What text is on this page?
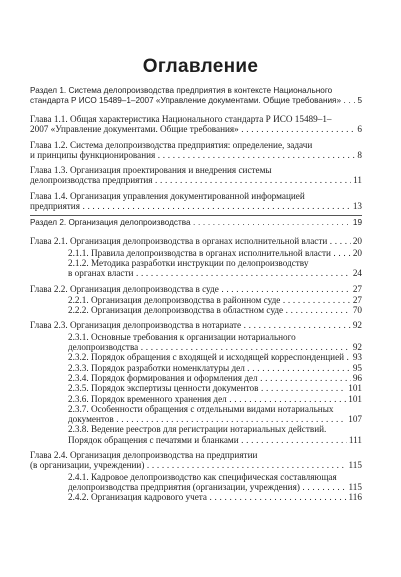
Оглавление
Раздел 1. Система делопроизводства предприятия в контексте Национального
стандарта Р ИСО 15489–1–2007 «Управление документами. Общие требования» 5
. . .
Глава 1.1. Общая характеристика Национального стандарта Р ИСО 15489–1–
2007 «Управление документами. Общие требования»	6
. . .
Глава 1.2. Система делопроизводства предприятия: определение, задачи
и принципы функционирования	8
. . .
Глава 1.3. Организация проектирования и внедрения системы
делопроизводства предприятия	11
. . .
Глава 1.4. Организация управления документированной информацией
предприятия	13
. . .
Раздел 2. Организация делопроизводства	19
. . .
Глава 2.1. Организация делопроизводства в органах исполнительной власти	20
. . .
2.1.1. Правила делопроизводства в органах исполнительной власти 20
. . .
2.1.2. Методика разработки инструкции по делопроизводству
в органах власти	24
. . .
Глава 2.2. Организация делопроизводства в суде	27
. . .
2.2.1. Организация делопроизводства в районном суде	27
. . .
2.2.2. Организация делопроизводства в областном суде	70
. . .
Глава 2.3. Организация делопроизводства в нотариате	92
. . .
2.3.1. Основные требования к организации нотариального
делопроизводства	92
. . .
2.3.2. Порядок обращения с входящей и исходящей корреспонденцией 93
. . .
2.3.3. Порядок разработки номенклатуры дел	95
. . .
2.3.4. Порядок формирования и оформления дел	96
. . .
2.3.5. Порядок экспертизы ценности документов	101
. . .
2.3.6. Порядок временного хранения дел	101
. . .
2.3.7. Особенности обращения с отдельными видами нотариальных
документов	107
. . .
2.3.8. Ведение реестров для регистрации нотариальных действий.
Порядок обращения с печатями и бланками	111
. . .
Глава 2.4. Организация делопроизводства на предприятии
(в организации, учреждении)	115
. . .
2.4.1. Кадровое делопроизводство как специфическая составляющая
делопроизводства предприятия (организации, учреждения)	115
. . .
2.4.2. Организация кадрового учета	116
. . .
